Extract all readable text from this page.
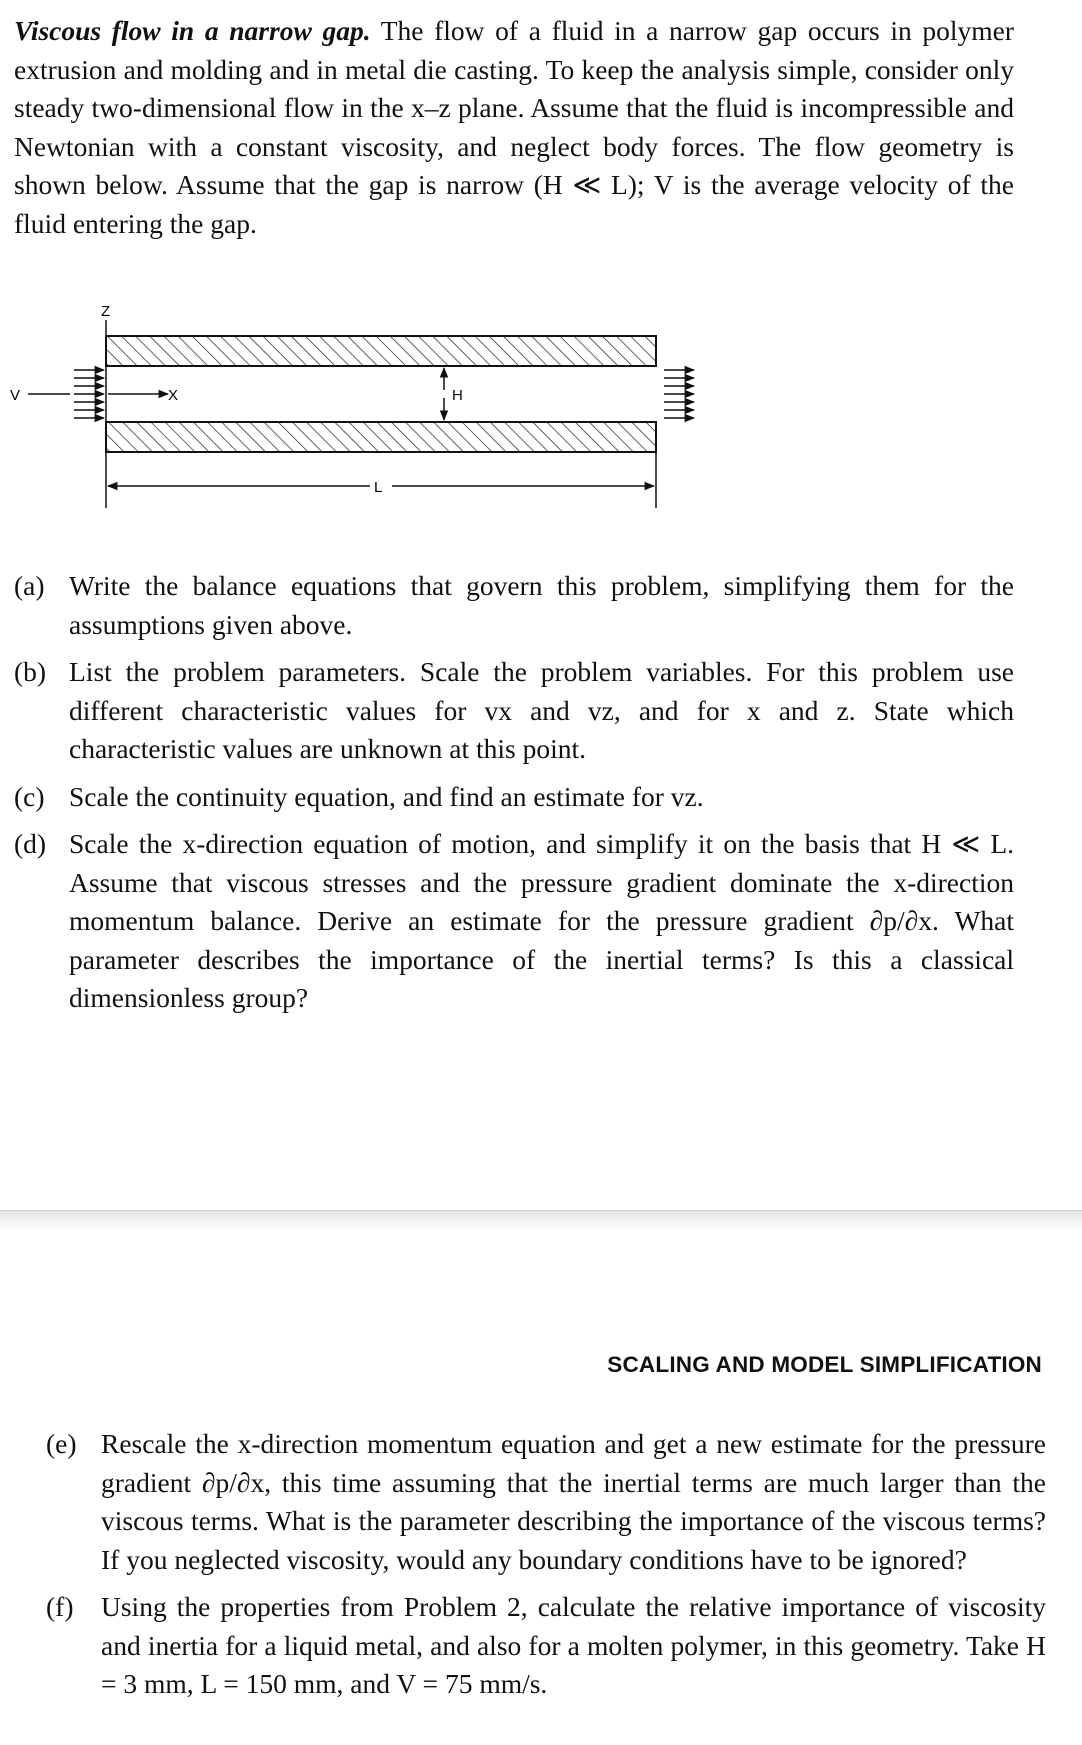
Viscous flow in a narrow gap. The flow of a fluid in a narrow gap occurs in polymer extrusion and molding and in metal die casting. To keep the analysis simple, consider only steady two-dimensional flow in the x–z plane. Assume that the fluid is incompressible and Newtonian with a constant viscosity, and neglect body forces. The flow geometry is shown below. Assume that the gap is narrow (H ≪ L); V is the average velocity of the fluid entering the gap.
Z
X
V	H
L
(a) Write the balance equations that govern this problem, simplifying them for the assumptions given above.
(b) List the problem parameters. Scale the problem variables. For this problem use different characteristic values for vx and vz, and for x and z. State which characteristic values are unknown at this point.
(c) Scale the continuity equation, and find an estimate for vz.
(d) Scale the x-direction equation of motion, and simplify it on the basis that H ≪ L. Assume that viscous stresses and the pressure gradient dominate the x-direction momentum balance. Derive an estimate for the pressure gradient ∂p/∂x. What parameter describes the importance of the inertial terms? Is this a classical dimensionless group?
SCALING AND MODEL SIMPLIFICATION
(e) Rescale the x-direction momentum equation and get a new estimate for the pressure gradient ∂p/∂x, this time assuming that the inertial terms are much larger than the viscous terms. What is the parameter describing the importance of the viscous terms? If you neglected viscosity, would any boundary conditions have to be ignored?
(f)	Using the properties from Problem 2, calculate the relative importance of viscosity and inertia for a liquid metal, and also for a molten polymer, in this geometry. Take H = 3 mm, L = 150 mm, and V = 75 mm/s.
